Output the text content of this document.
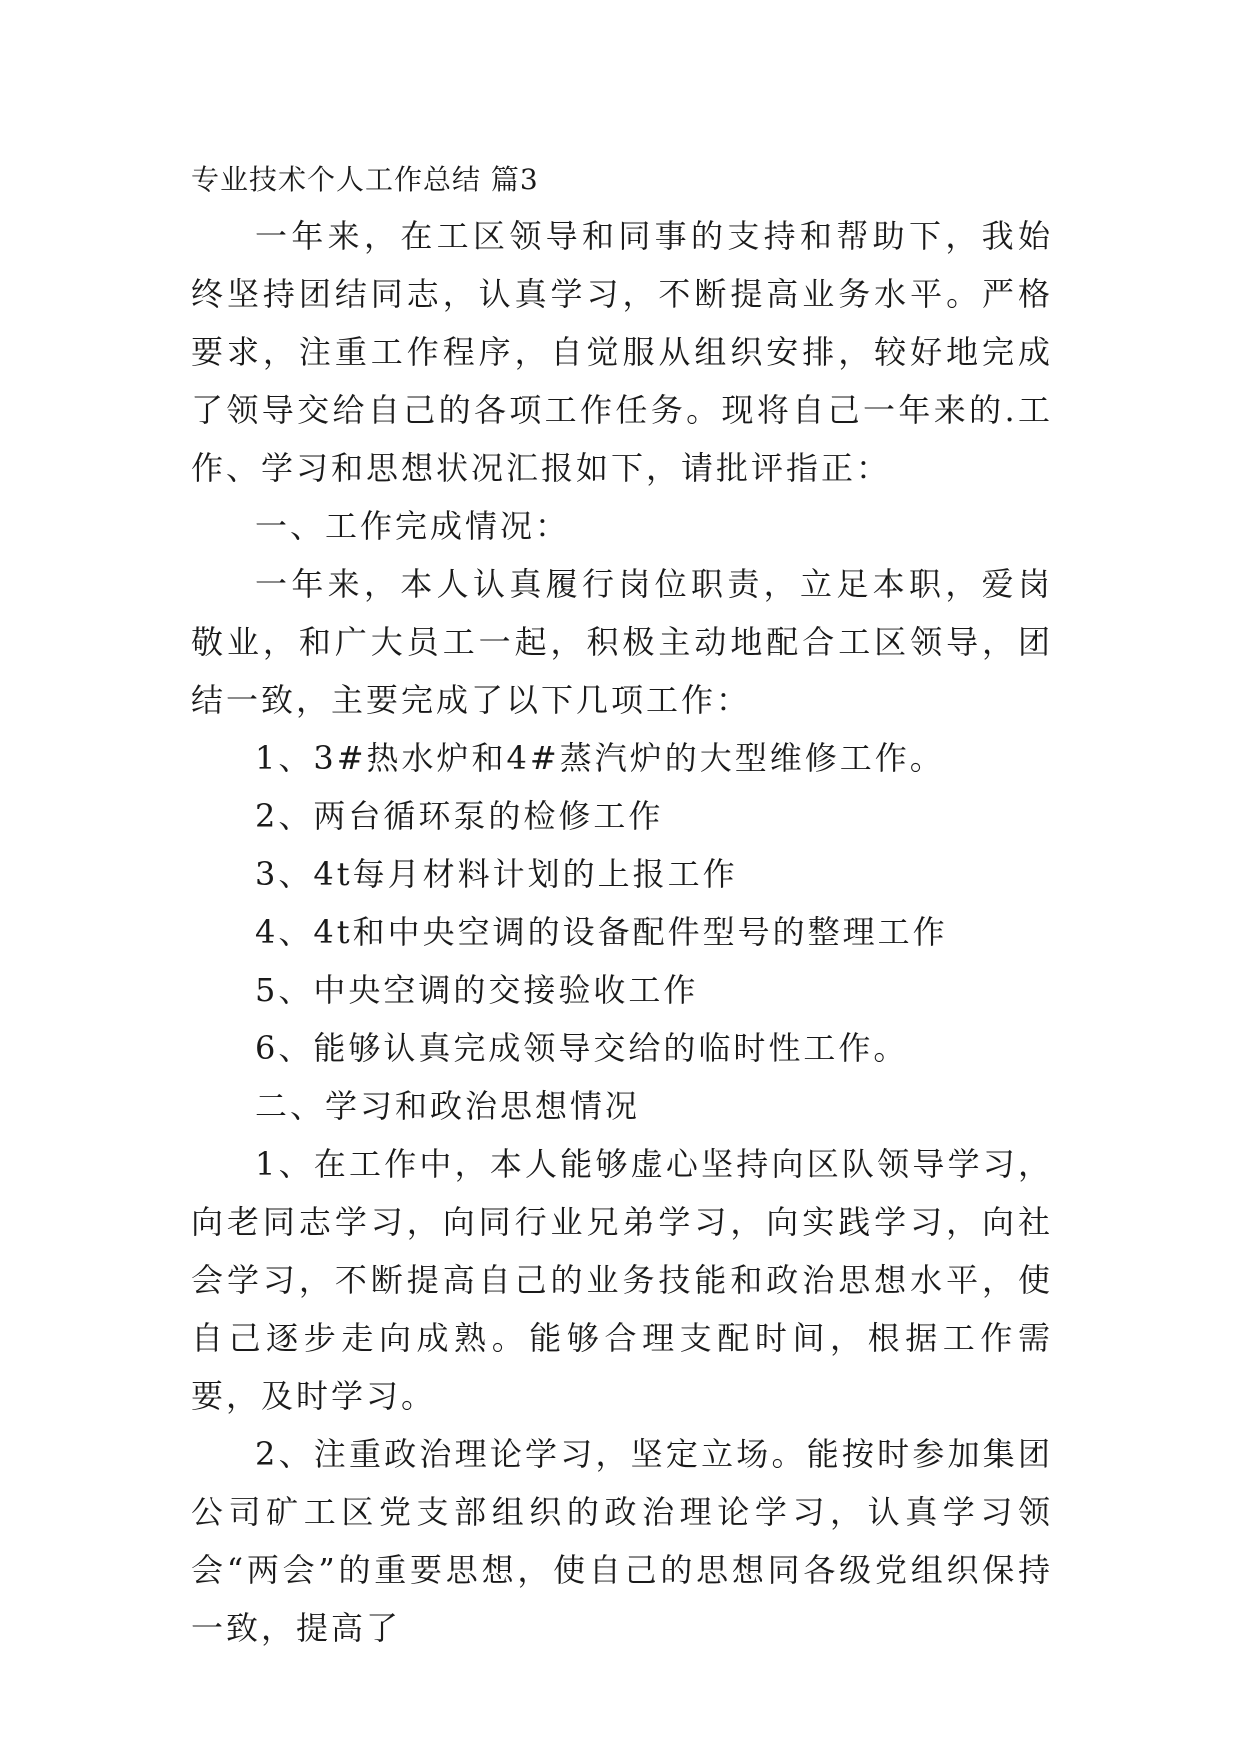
专业技术个人工作总结 篇3

一年来，在工区领导和同事的支持和帮助下，我始终坚持团结同志，认真学习，不断提高业务水平。严格要求，注重工作程序，自觉服从组织安排，较好地完成了领导交给自己的各项工作任务。现将自己一年来的.工作、学习和思想状况汇报如下，请批评指正：

一、工作完成情况：

一年来，本人认真履行岗位职责，立足本职，爱岗敬业，和广大员工一起，积极主动地配合工区领导，团结一致，主要完成了以下几项工作：

1、3#热水炉和4#蒸汽炉的大型维修工作。

2、两台循环泵的检修工作

3、4t每月材料计划的上报工作

4、4t和中央空调的设备配件型号的整理工作

5、中央空调的交接验收工作

6、能够认真完成领导交给的临时性工作。

二、学习和政治思想情况

1、在工作中，本人能够虚心坚持向区队领导学习，向老同志学习，向同行业兄弟学习，向实践学习，向社会学习，不断提高自己的业务技能和政治思想水平，使自己逐步走向成熟。能够合理支配时间，根据工作需要，及时学习。

2、注重政治理论学习，坚定立场。能按时参加集团公司矿工区党支部组织的政治理论学习，认真学习领会“两会”的重要思想，使自己的思想同各级党组织保持一致，提高了
